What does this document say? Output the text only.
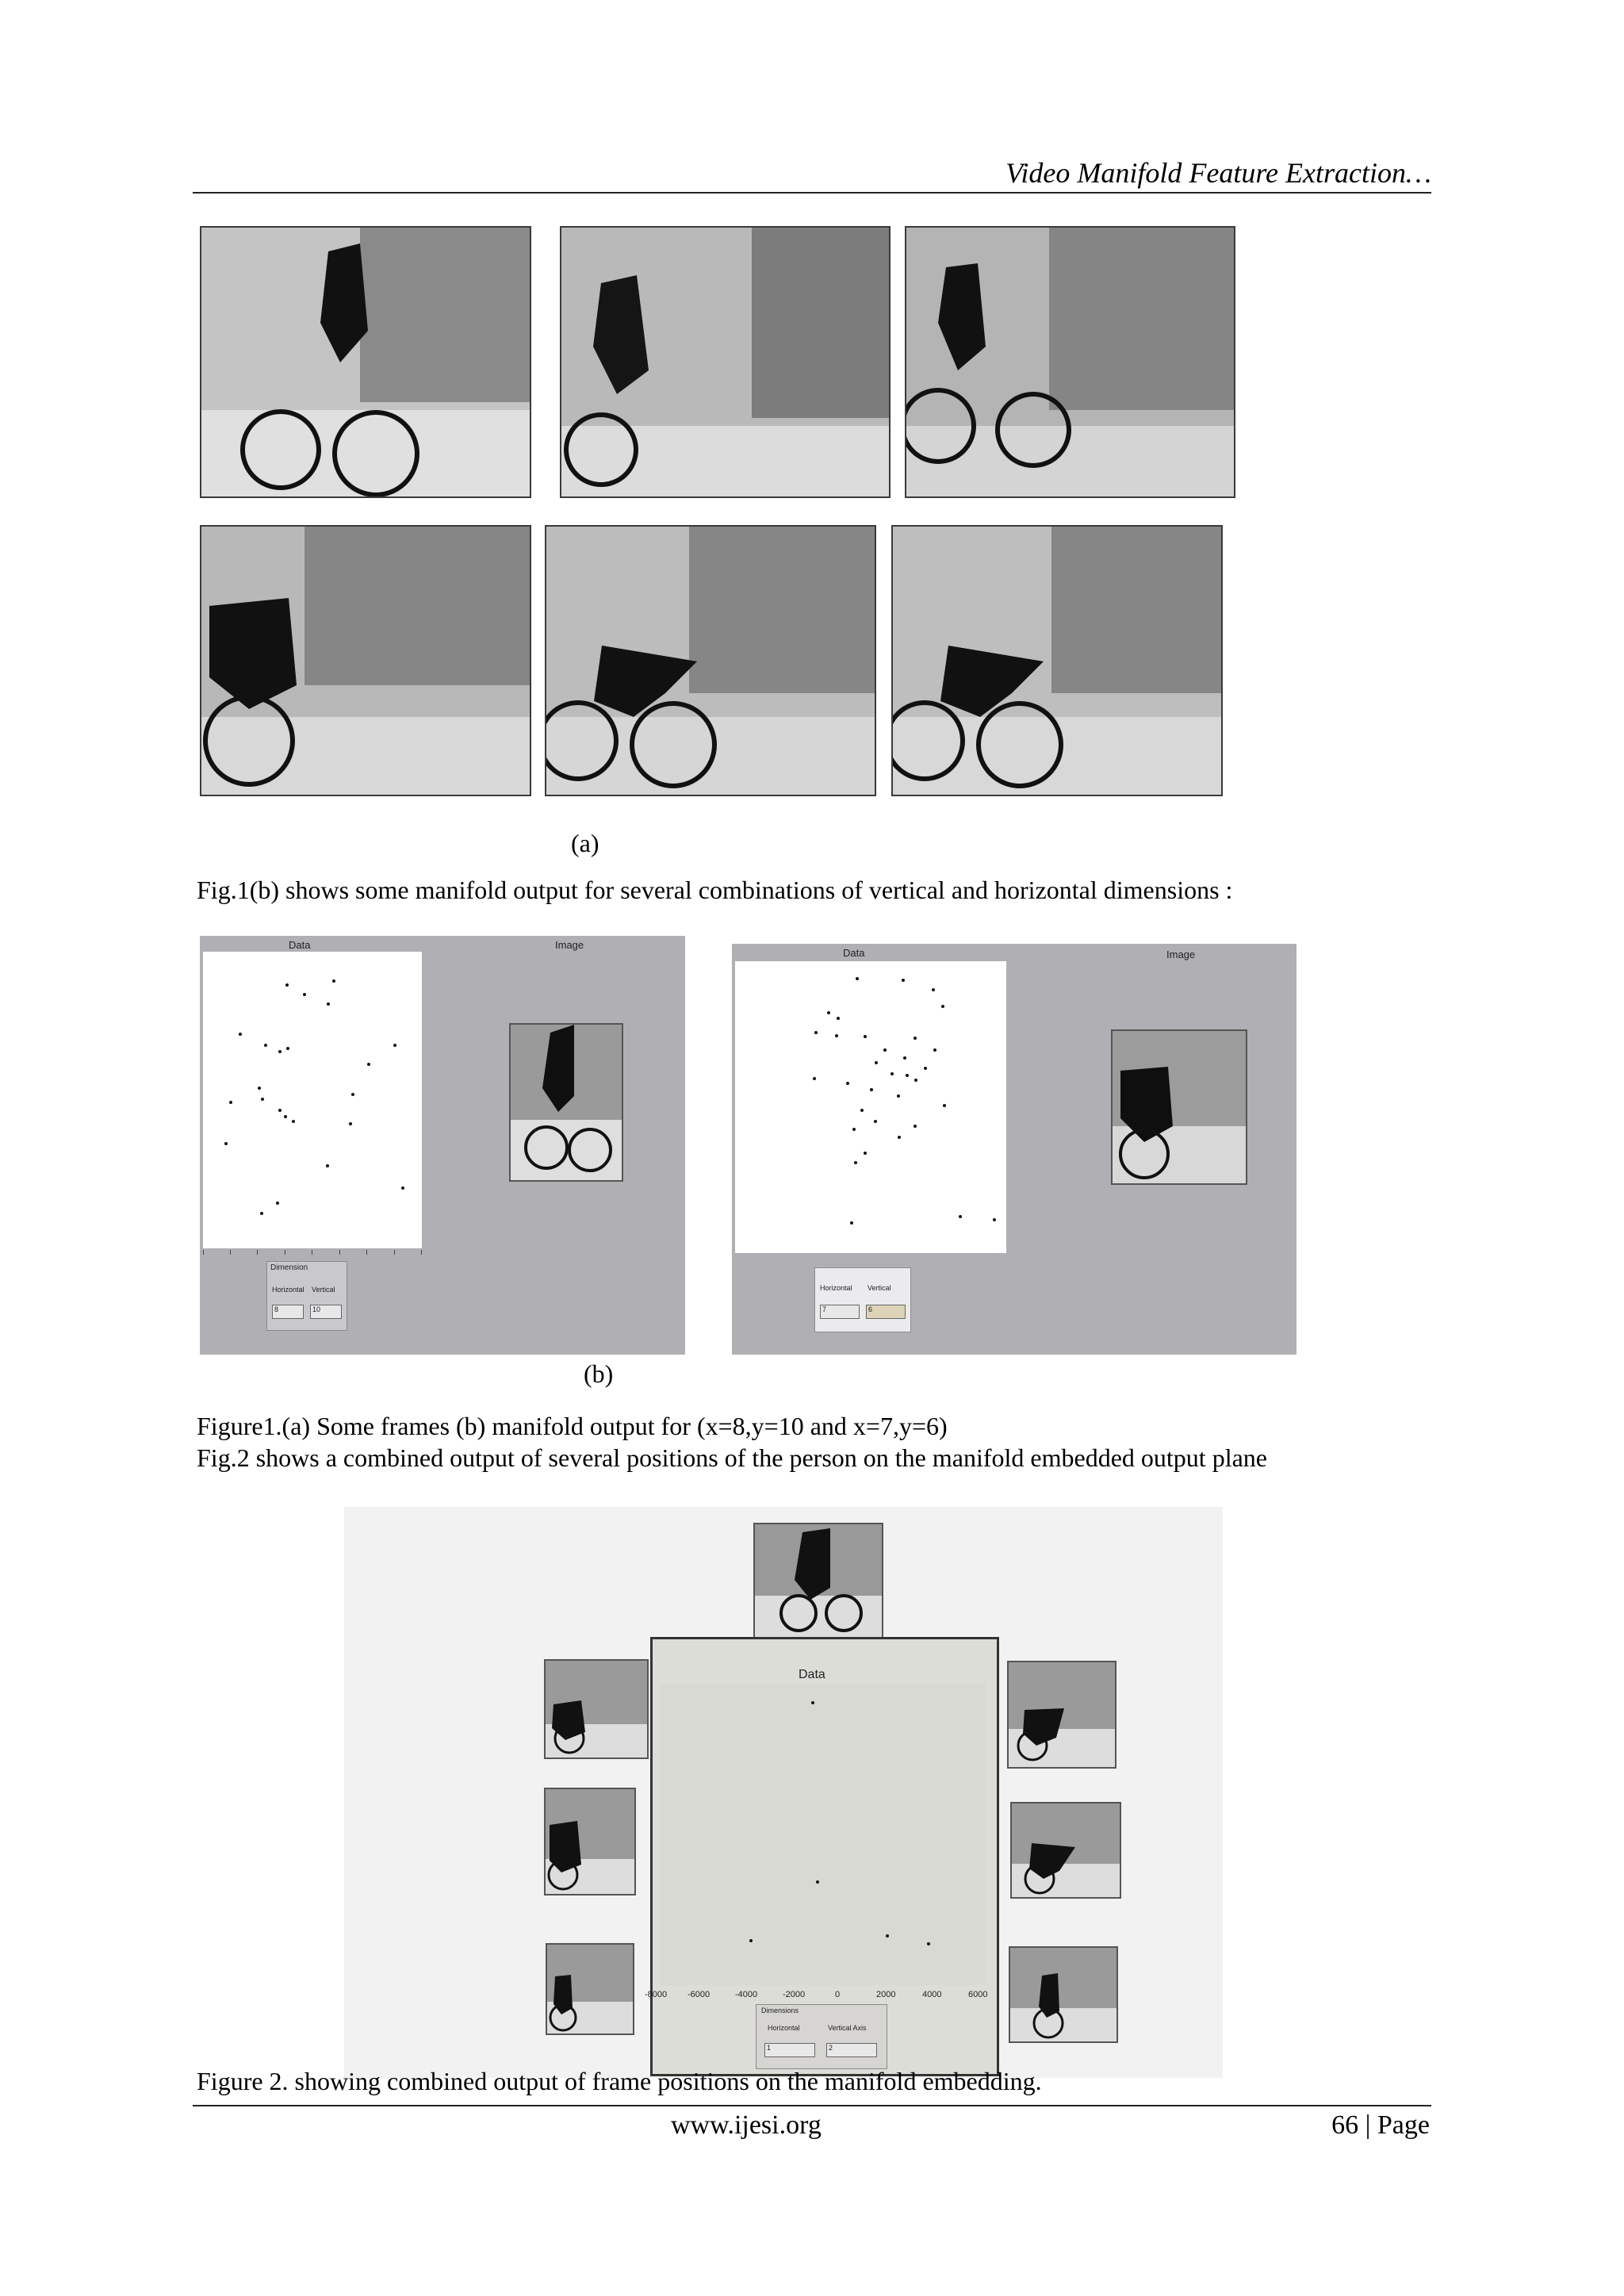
Video Manifold Feature Extraction…
(a)
Fig.1(b) shows some manifold output for several combinations of vertical and horizontal dimensions :
Data	Image
Dimension
Horizontal Vertical
8	10
Data	Image
Horizontal Vertical
7	6
(b)
Figure1.(a) Some frames (b) manifold output for (x=8,y=10 and x=7,y=6)
Fig.2 shows a combined output of several positions of the person on the manifold embedded output plane
Data
-8000 -6000	-4000	-2000	0	2000	4000	6000
Dimensions
Horizontal	Vertical Axis
1	2
Figure 2. showing combined output of frame positions on the manifold embedding.
www.ijesi.org	66 | Page
